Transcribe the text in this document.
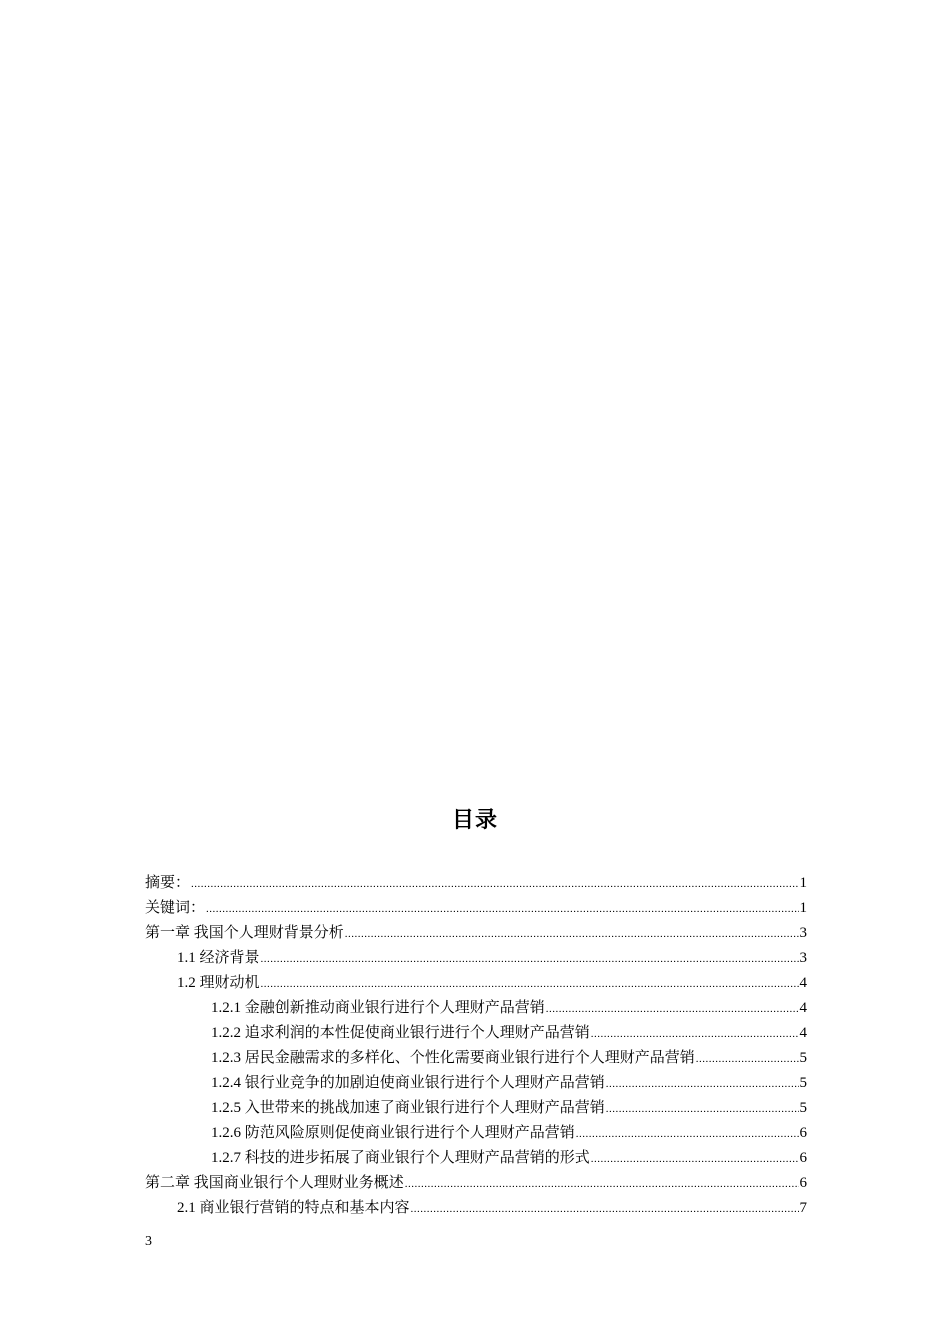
目录
摘要： .....	1
关键词： .....	1
第一章 我国个人理财背景分析 .....	3
1.1 经济背景 .....	3
1.2 理财动机 .....	4
1.2.1 金融创新推动商业银行进行个人理财产品营销 .....	4
1.2.2 追求利润的本性促使商业银行进行个人理财产品营销 .....	4
1.2.3 居民金融需求的多样化、个性化需要商业银行进行个人理财产品营销 .....	5
1.2.4 银行业竞争的加剧迫使商业银行进行个人理财产品营销 .....	5
1.2.5 入世带来的挑战加速了商业银行进行个人理财产品营销 .....	5
1.2.6 防范风险原则促使商业银行进行个人理财产品营销 .....	6
1.2.7 科技的进步拓展了商业银行个人理财产品营销的形式 .....	6
第二章 我国商业银行个人理财业务概述 .....	6
2.1 商业银行营销的特点和基本内容 .....	7
3
